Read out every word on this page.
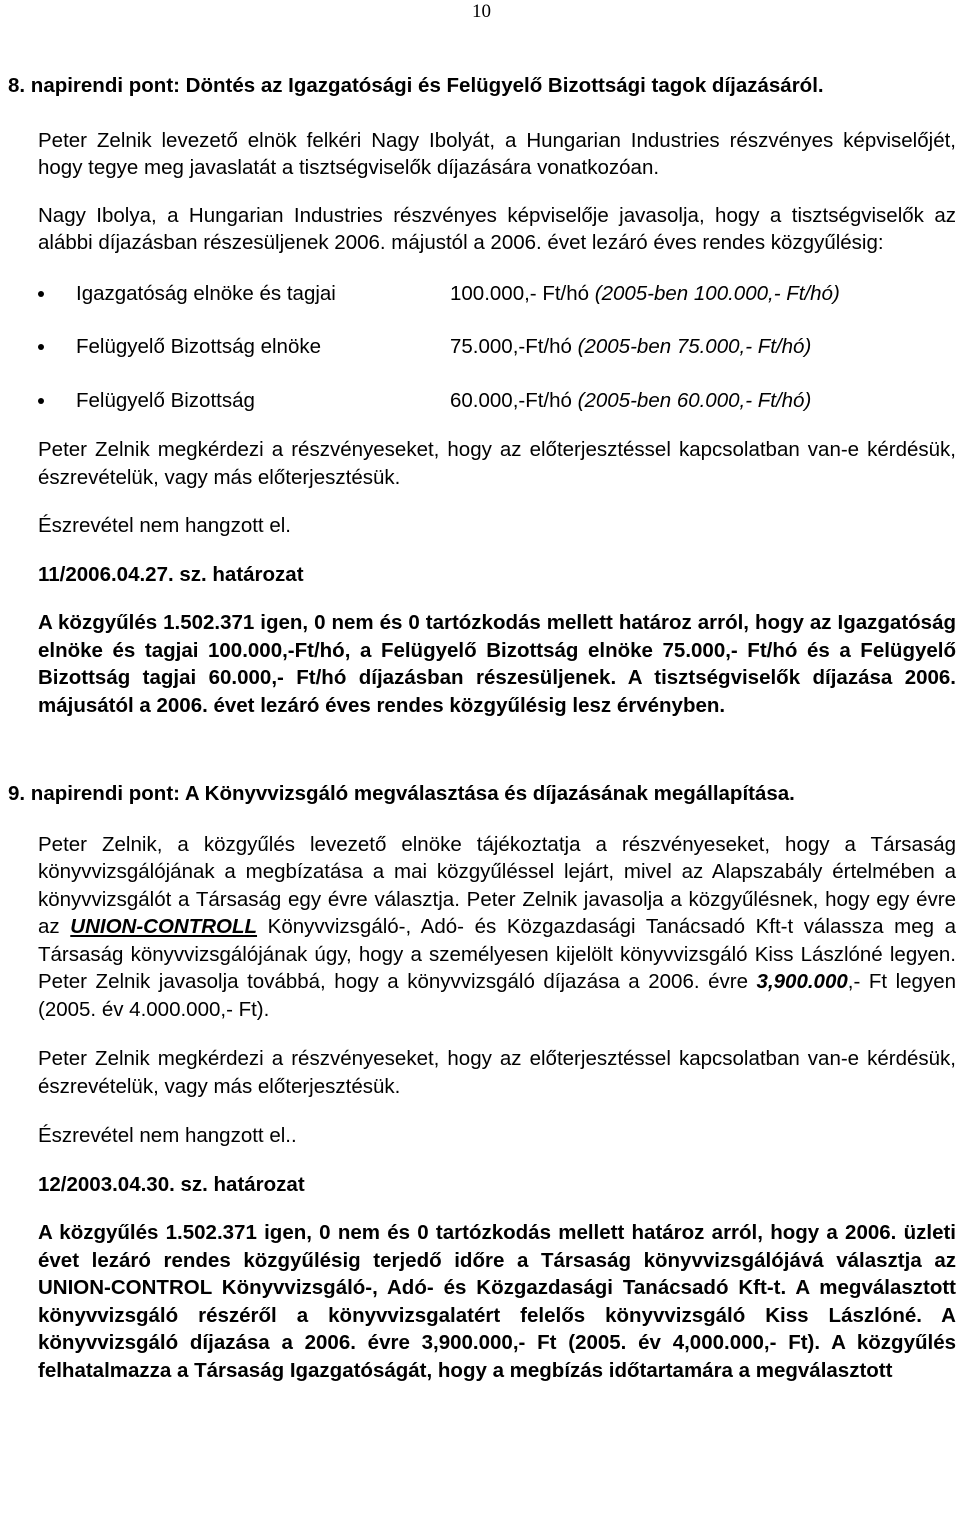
10

8. napirendi pont: Döntés az Igazgatósági és Felügyelő Bizottsági tagok díjazásáról.

Peter Zelnik levezető elnök felkéri Nagy Ibolyát, a Hungarian Industries részvényes képviselőjét, hogy tegye meg javaslatát a tisztségviselők díjazására vonatkozóan.

Nagy Ibolya, a Hungarian Industries részvényes képviselője javasolja, hogy a tisztségviselők az alábbi díjazásban részesüljenek 2006. májustól a 2006. évet lezáró éves rendes közgyűlésig:

Igazgatóság elnöke és tagjai	100.000,- Ft/hó (2005-ben 100.000,- Ft/hó)
Felügyelő Bizottság elnöke	75.000,-Ft/hó (2005-ben 75.000,- Ft/hó)
Felügyelő Bizottság	60.000,-Ft/hó (2005-ben 60.000,- Ft/hó)

Peter Zelnik megkérdezi a részvényeseket, hogy az előterjesztéssel kapcsolatban van-e kérdésük, észrevételük, vagy más előterjesztésük.

Észrevétel nem hangzott el.

11/2006.04.27. sz. határozat

A közgyűlés 1.502.371 igen, 0 nem és 0 tartózkodás mellett határoz arról, hogy az Igazgatóság elnöke és tagjai 100.000,-Ft/hó, a Felügyelő Bizottság elnöke 75.000,- Ft/hó és a Felügyelő Bizottság tagjai 60.000,- Ft/hó díjazásban részesüljenek. A tisztségviselők díjazása 2006. májusától a 2006. évet lezáró éves rendes közgyűlésig lesz érvényben.

9. napirendi pont: A Könyvvizsgáló megválasztása és díjazásának megállapítása.

Peter Zelnik, a közgyűlés levezető elnöke tájékoztatja a részvényeseket, hogy a Társaság könyvvizsgálójának a megbízatása a mai közgyűléssel lejárt, mivel az Alapszabály értelmében a könyvvizsgálót a Társaság egy évre választja. Peter Zelnik javasolja a közgyűlésnek, hogy egy évre az UNION-CONTROLL Könyvvizsgáló-, Adó- és Közgazdasági Tanácsadó Kft-t válassza meg a Társaság könyvvizsgálójának úgy, hogy a személyesen kijelölt könyvvizsgáló Kiss Lászlóné legyen. Peter Zelnik javasolja továbbá, hogy a könyvvizsgáló díjazása a 2006. évre 3,900.000,- Ft legyen (2005. év 4.000.000,- Ft).

Peter Zelnik megkérdezi a részvényeseket, hogy az előterjesztéssel kapcsolatban van-e kérdésük, észrevételük, vagy más előterjesztésük.

Észrevétel nem hangzott el..

12/2003.04.30. sz. határozat

A közgyűlés 1.502.371 igen, 0 nem és 0 tartózkodás mellett határoz arról, hogy a 2006. üzleti évet lezáró rendes közgyűlésig terjedő időre a Társaság könyvvizsgálójává választja az UNION-CONTROL Könyvvizsgáló-, Adó- és Közgazdasági Tanácsadó Kft-t. A megválasztott könyvvizsgáló részéről a könyvvizsgalatért felelős könyvvizsgáló Kiss Lászlóné. A könyvvizsgáló díjazása a 2006. évre 3,900.000,- Ft (2005. év 4,000.000,- Ft). A közgyűlés felhatalmazza a Társaság Igazgatóságát, hogy a megbízás időtartamára a megválasztott
